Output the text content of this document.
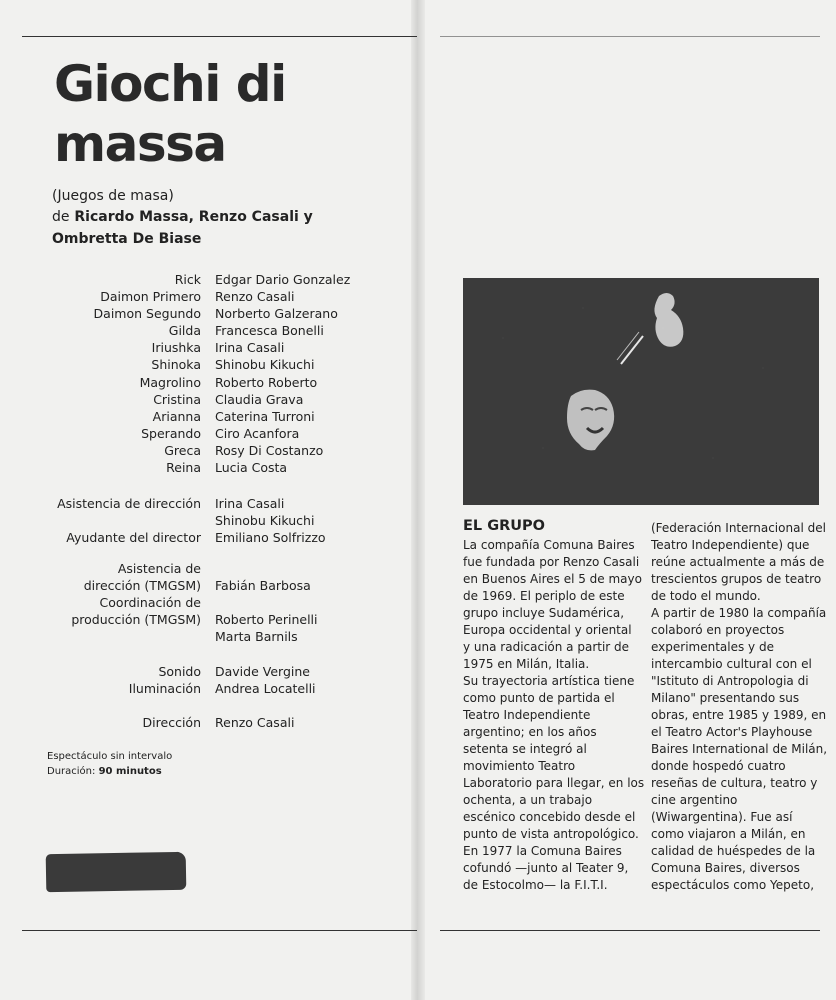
Giochi di
massa
(Juegos de masa)
de Ricardo Massa, Renzo Casali y
Ombretta De Biase
Rick	Edgar Dario Gonzalez
Daimon Primero	Renzo Casali
Daimon Segundo	Norberto Galzerano
Gilda	Francesca Bonelli
Iriushka	Irina Casali
Shinoka	Shinobu Kikuchi
Magrolino	Roberto Roberto
Cristina	Claudia Grava
Arianna	Caterina Turroni
Sperando	Ciro Acanfora
Greca	Rosy Di Costanzo
Reina	Lucia Costa
Asistencia de dirección	Irina Casali
Shinobu Kikuchi
Ayudante del director	Emiliano Solfrizzo
Asistencia de
dirección (TMGSM)	Fabián Barbosa
Coordinación de
producción (TMGSM)	Roberto Perinelli
Marta Barnils
Sonido	Davide Vergine
Iluminación	Andrea Locatelli
Dirección	Renzo Casali
Espectáculo sin intervalo
Duración: 90 minutos
EL GRUPO

La compañía Comuna Baires

fue fundada por Renzo Casali

en Buenos Aires el 5 de mayo

de 1969. El periplo de este

grupo incluye Sudamérica,

Europa occidental y oriental

y una radicación a partir de

1975 en Milán, Italia.

Su trayectoria artística tiene

como punto de partida el

Teatro Independiente

argentino; en los años

setenta se integró al

movimiento Teatro

Laboratorio para llegar, en los

ochenta, a un trabajo

escénico concebido desde el

punto de vista antropológico.

En 1977 la Comuna Baires

cofundó —junto al Teater 9,

de Estocolmo— la F.I.T.I.

(Federación Internacional del

Teatro Independiente) que

reúne actualmente a más de

trescientos grupos de teatro

de todo el mundo.

A partir de 1980 la compañía

colaboró en proyectos

experimentales y de

intercambio cultural con el

"Istituto di Antropologia di

Milano" presentando sus

obras, entre 1985 y 1989, en

el Teatro Actor's Playhouse

Baires International de Milán,

donde hospedó cuatro

reseñas de cultura, teatro y

cine argentino

(Wiwargentina). Fue así

como viajaron a Milán, en

calidad de huéspedes de la

Comuna Baires, diversos

espectáculos como Yepeto,
